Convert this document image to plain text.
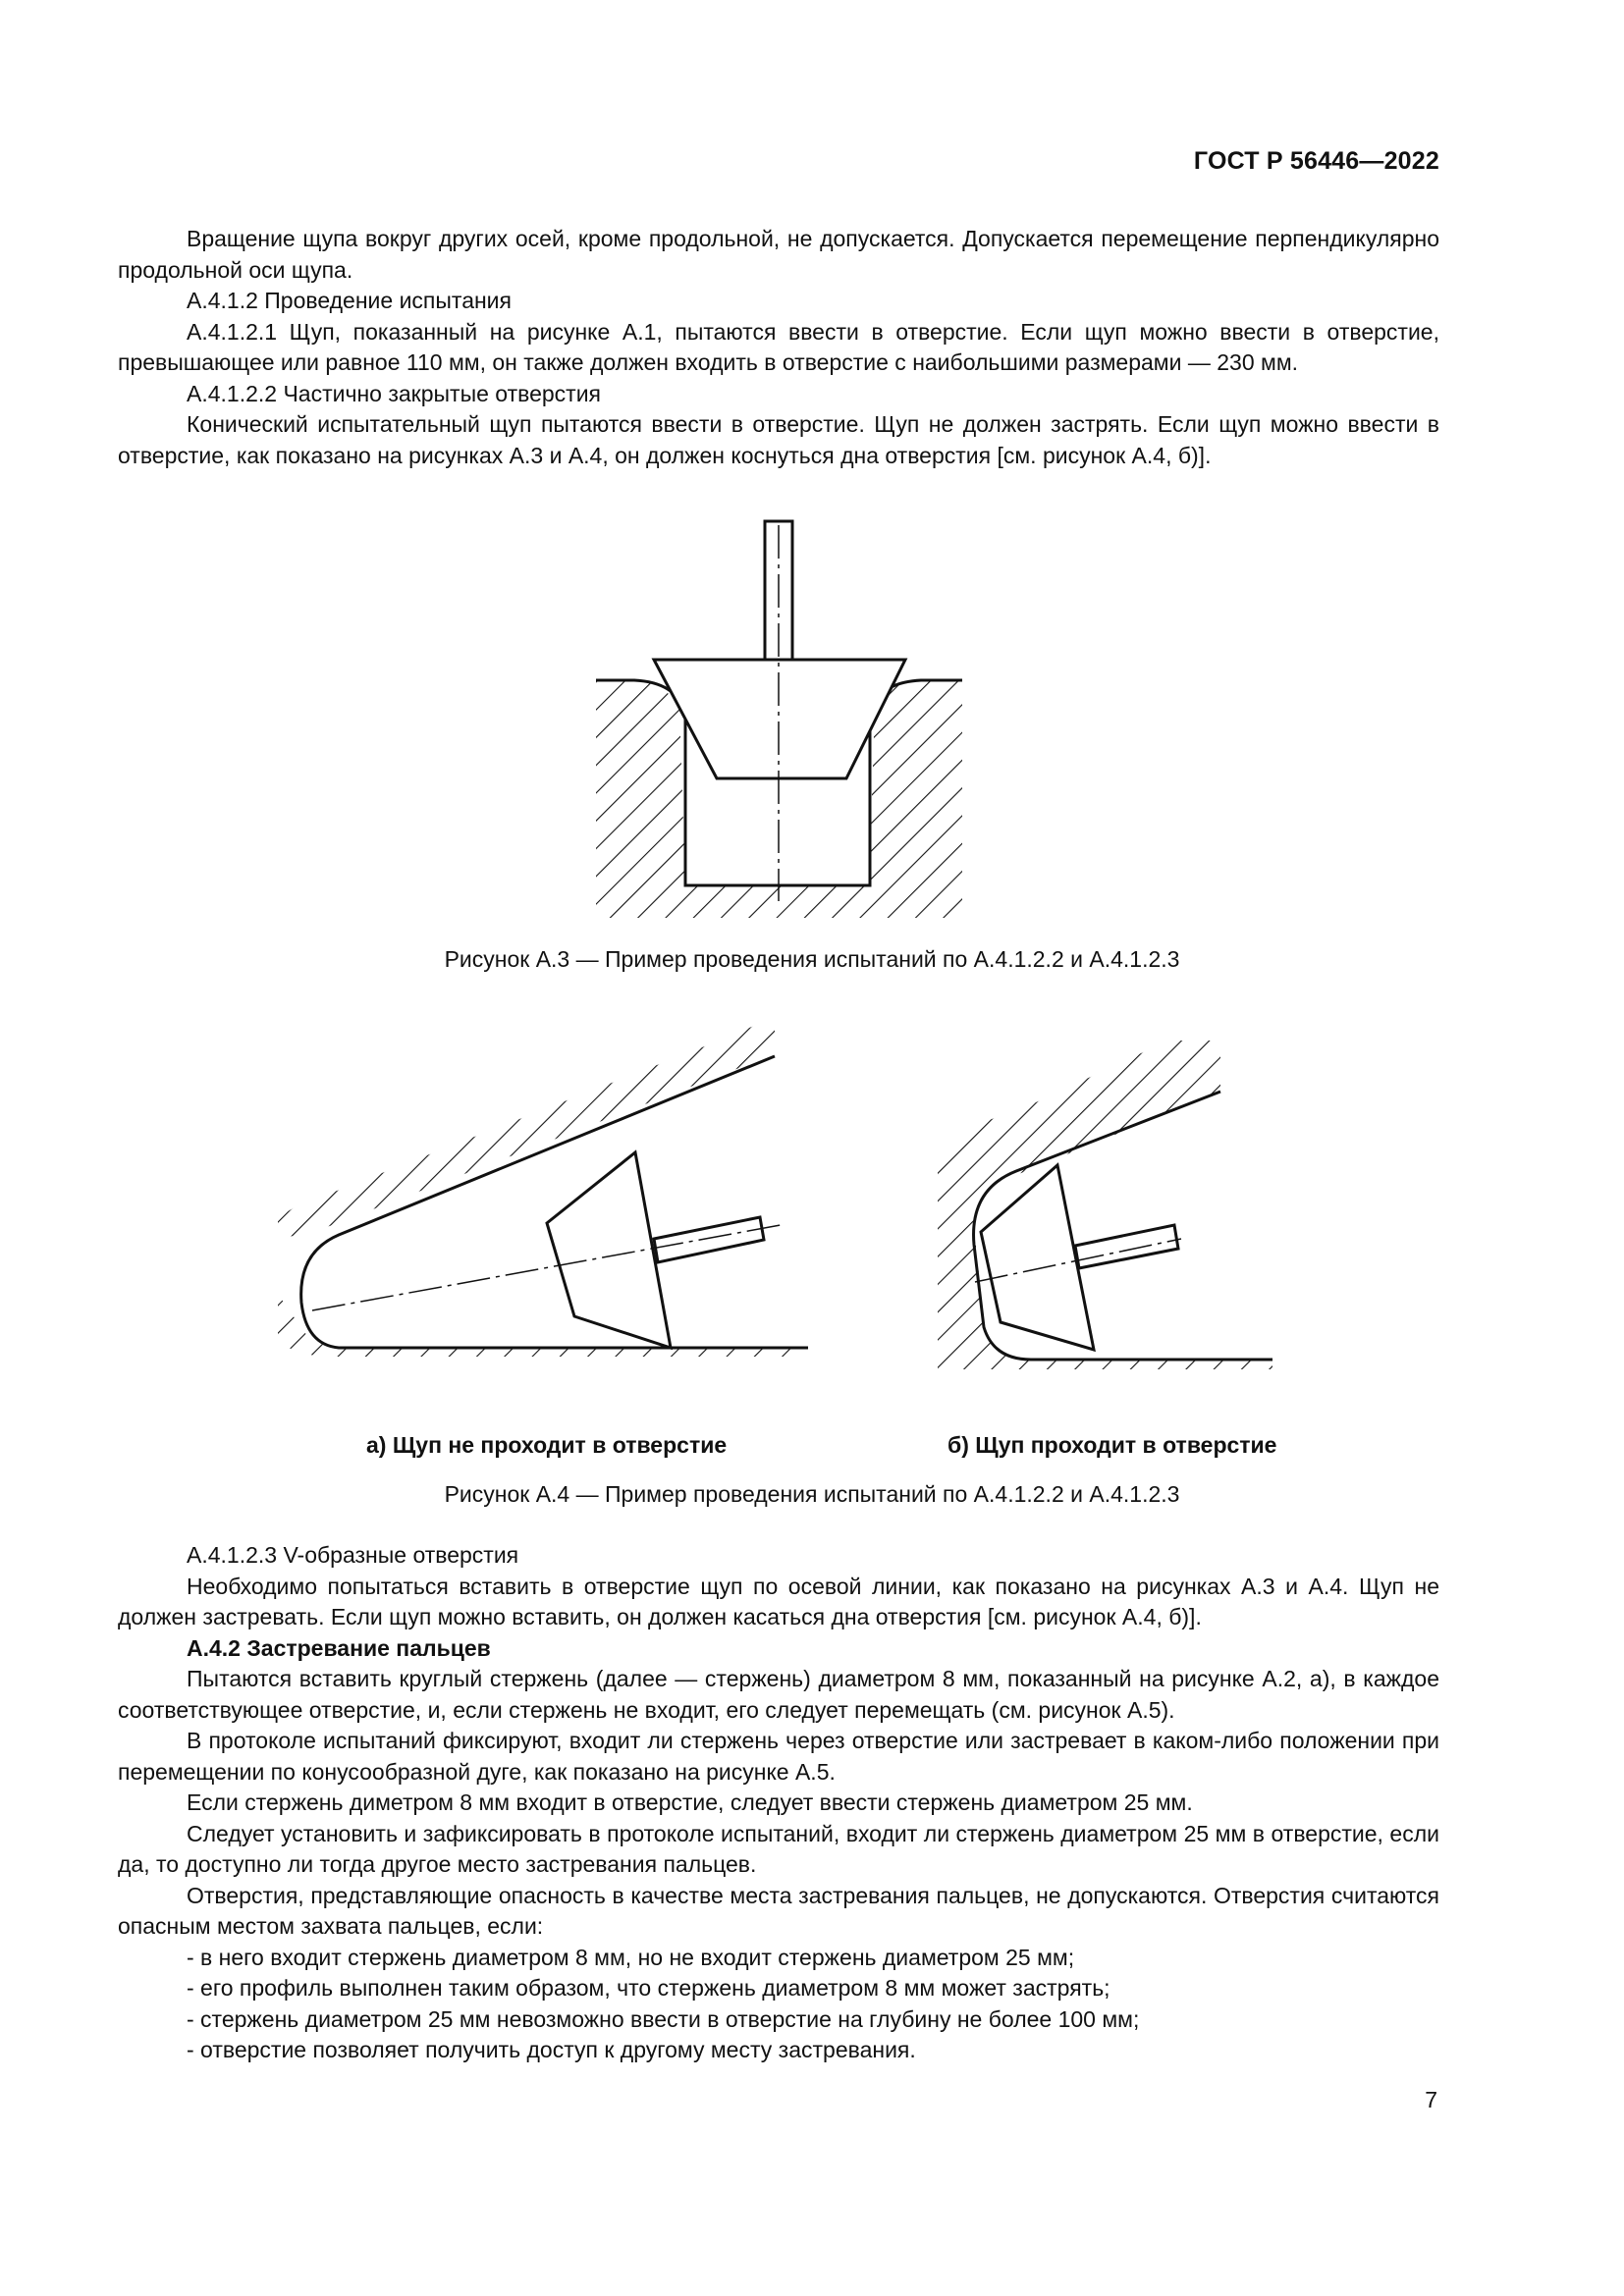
ГОСТ Р 56446—2022

Вращение щупа вокруг других осей, кроме продольной, не допускается. Допускается перемещение перпендикулярно продольной оси щупа.

А.4.1.2 Проведение испытания

А.4.1.2.1 Щуп, показанный на рисунке А.1, пытаются ввести в отверстие. Если щуп можно ввести в отверстие, превышающее или равное 110 мм, он также должен входить в отверстие с наибольшими размерами — 230 мм.

А.4.1.2.2 Частично закрытые отверстия

Конический испытательный щуп пытаются ввести в отверстие. Щуп не должен застрять. Если щуп можно ввести в отверстие, как показано на рисунках А.3 и А.4, он должен коснуться дна отверстия [см. рисунок А.4, б)].

Рисунок А.3 — Пример проведения испытаний по А.4.1.2.2 и А.4.1.2.3
а) Щуп не проходит в отверстие	б) Щуп проходит в отверстие
Рисунок А.4 — Пример проведения испытаний по А.4.1.2.2 и А.4.1.2.3

А.4.1.2.3 V-образные отверстия

Необходимо попытаться вставить в отверстие щуп по осевой линии, как показано на рисунках А.3 и А.4. Щуп не должен застревать. Если щуп можно вставить, он должен касаться дна отверстия [см. рисунок А.4, б)].

А.4.2 Застревание пальцев

Пытаются вставить круглый стержень (далее — стержень) диаметром 8 мм, показанный на рисунке А.2, а), в каждое соответствующее отверстие, и, если стержень не входит, его следует перемещать (см. рисунок А.5).

В протоколе испытаний фиксируют, входит ли стержень через отверстие или застревает в каком-либо положении при перемещении по конусообразной дуге, как показано на рисунке А.5.

Если стержень диметром 8 мм входит в отверстие, следует ввести стержень диаметром 25 мм.

Следует установить и зафиксировать в протоколе испытаний, входит ли стержень диаметром 25 мм в отверстие, если да, то доступно ли тогда другое место застревания пальцев.

Отверстия, представляющие опасность в качестве места застревания пальцев, не допускаются. Отверстия считаются опасным местом захвата пальцев, если:

- в него входит стержень диаметром 8 мм, но не входит стержень диаметром 25 мм;

- его профиль выполнен таким образом, что стержень диаметром 8 мм может застрять;

- стержень диаметром 25 мм невозможно ввести в отверстие на глубину не более 100 мм;

- отверстие позволяет получить доступ к другому месту застревания.

7
